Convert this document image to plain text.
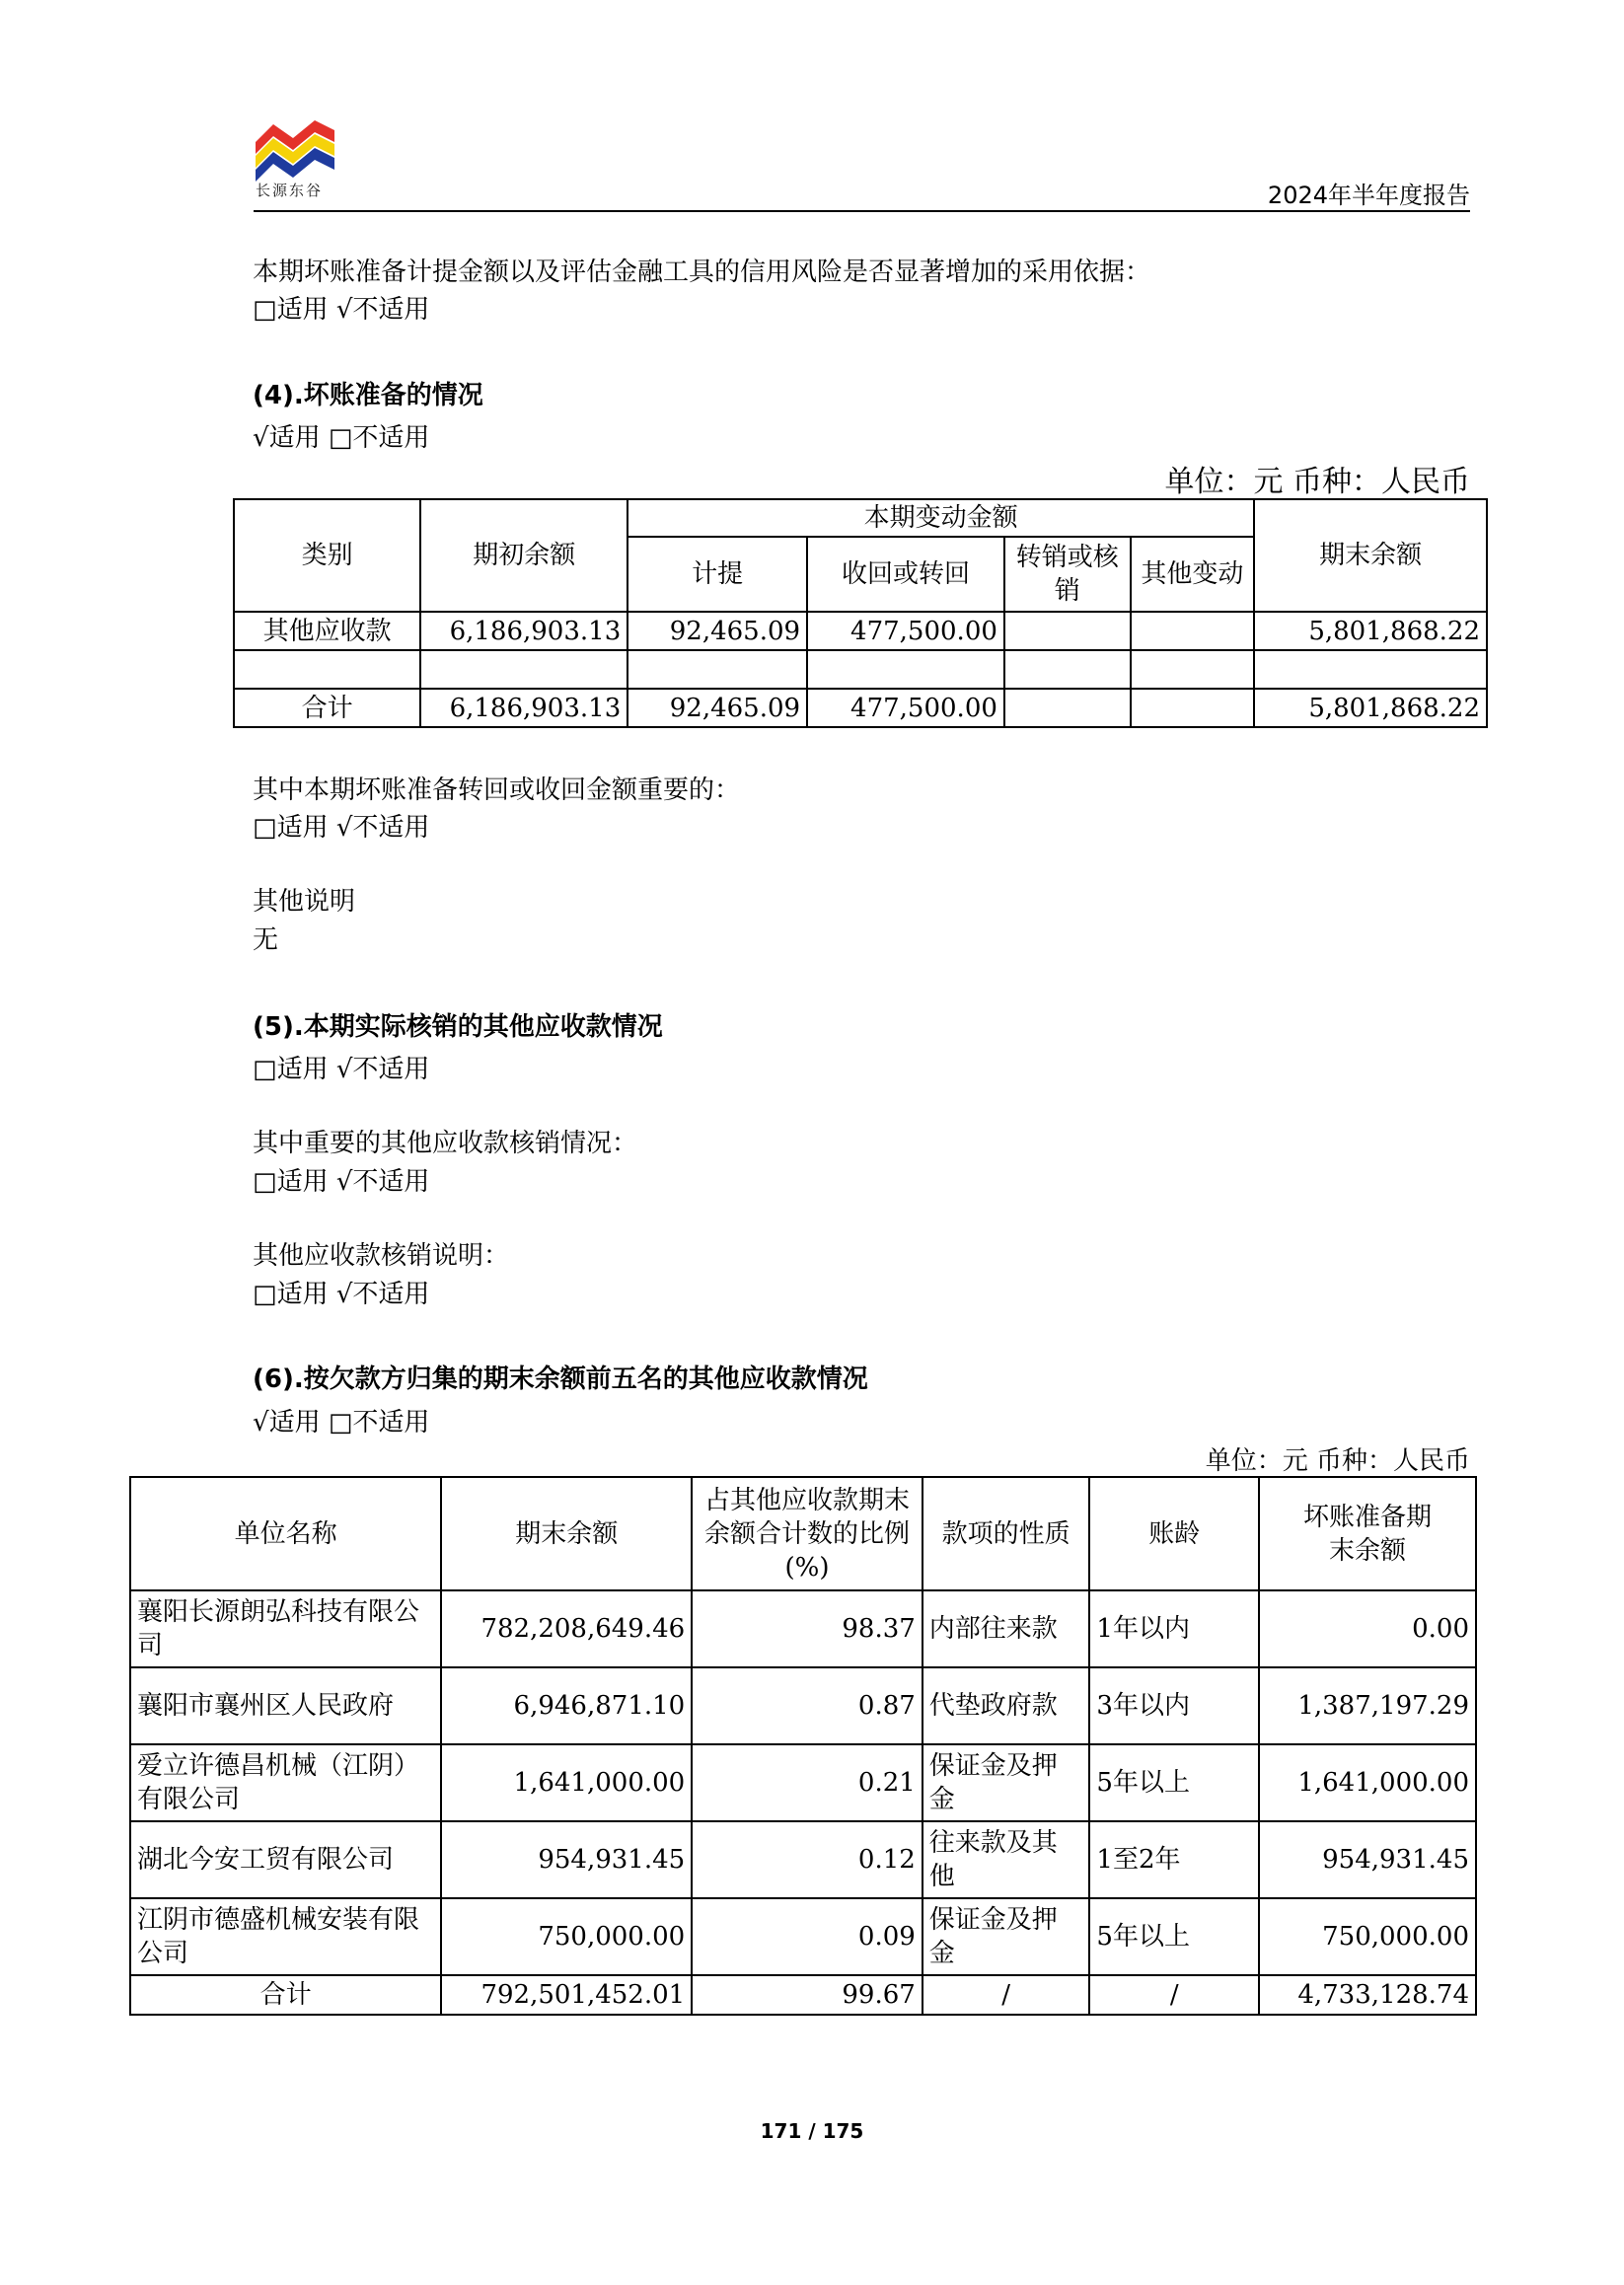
长源东谷	2024年半年度报告
本期坏账准备计提金额以及评估金融工具的信用风险是否显著增加的采用依据：
□适用 √不适用
(4).坏账准备的情况
√适用 □不适用
单位：元 币种：人民币
类别	期初余额	本期变动金额				期末余额
		计提	收回或转回	转销或核销	其他变动	
其他应收款	6,186,903.13	92,465.09	477,500.00			5,801,868.22

合计	6,186,903.13	92,465.09	477,500.00			5,801,868.22
其中本期坏账准备转回或收回金额重要的：
□适用 √不适用
其他说明
无
(5).本期实际核销的其他应收款情况
□适用 √不适用
其中重要的其他应收款核销情况：
□适用 √不适用
其他应收款核销说明：
□适用 √不适用
(6).按欠款方归集的期末余额前五名的其他应收款情况
√适用 □不适用
单位：元 币种：人民币
单位名称	期末余额	占其他应收款期末余额合计数的比例(%)	款项的性质	账龄	坏账准备期末余额
襄阳长源朗弘科技有限公司	782,208,649.46	98.37	内部往来款	1年以内	0.00
襄阳市襄州区人民政府	6,946,871.10	0.87	代垫政府款	3年以内	1,387,197.29
爱立许德昌机械（江阴）有限公司	1,641,000.00	0.21	保证金及押金	5年以上	1,641,000.00
湖北今安工贸有限公司	954,931.45	0.12	往来款及其他	1至2年	954,931.45
江阴市德盛机械安装有限公司	750,000.00	0.09	保证金及押金	5年以上	750,000.00
合计	792,501,452.01	99.67	/	/	4,733,128.74
171 / 175
